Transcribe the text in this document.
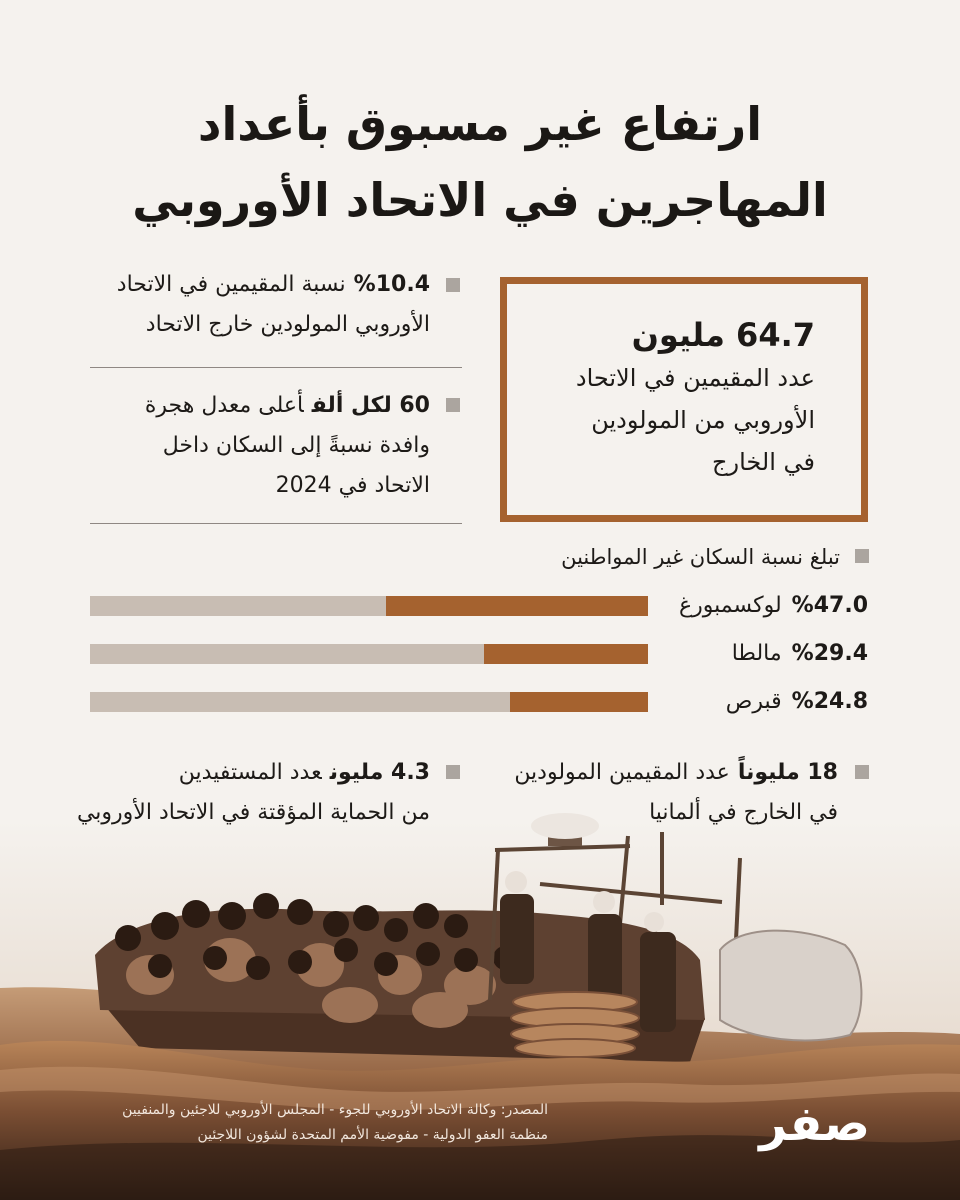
ارتفاع غير مسبوق بأعداد
المهاجرين في الاتحاد الأوروبي
64.7 مليون
عدد المقيمين في الاتحاد
الأوروبي من المولودين
في الخارج
%10.4نسبة المقيمين في الاتحاد
الأوروبي المولودين خارج الاتحاد
60 لكل ألفأعلى معدل هجرة
وافدة نسبةً إلى السكان داخل
الاتحاد في 2024
تبلغ نسبة السكان غير المواطنين
%47.0لوكسمبورغ
%29.4مالطا
%24.8قبرص
18 مليوناًعدد المقيمين المولودين
في الخارج في ألمانيا
4.3 مليونعدد المستفيدين
من الحماية المؤقتة في الاتحاد الأوروبي
المصدر: وكالة الاتحاد الأوروبي للجوء - المجلس الأوروبي للاجئين والمنفيين
منظمة العفو الدولية - مفوضية الأمم المتحدة لشؤون اللاجئين	صفر
